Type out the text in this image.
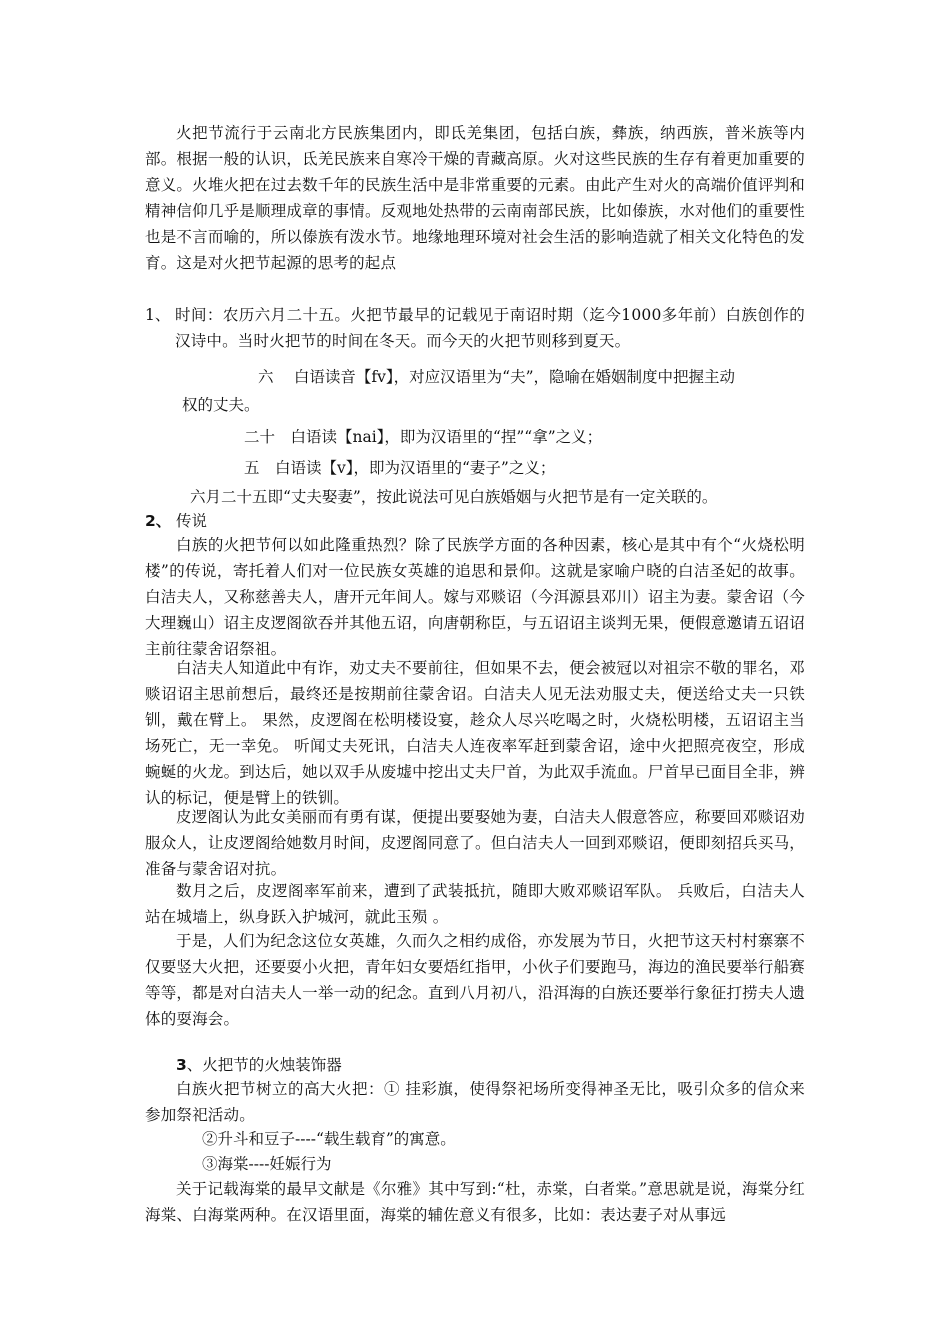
火把节流行于云南北方民族集团内，即氐羌集团，包括白族，彝族，纳西族，普米族等内部。根据一般的认识，氐羌民族来自寒冷干燥的青藏高原。火对这些民族的生存有着更加重要的意义。火堆火把在过去数千年的民族生活中是非常重要的元素。由此产生对火的高端价值评判和精神信仰几乎是顺理成章的事情。反观地处热带的云南南部民族，比如傣族，水对他们的重要性也是不言而喻的，所以傣族有泼水节。地缘地理环境对社会生活的影响造就了相关文化特色的发育。这是对火把节起源的思考的起点

1、 时间：农历六月二十五。火把节最早的记载见于南诏时期（迄今1000多年前）白族创作的汉诗中。当时火把节的时间在冬天。而今天的火把节则移到夏天。

六　 白语读音【fv】，对应汉语里为“夫”，隐喻在婚姻制度中把握主动

权的丈夫。

二十　白语读【nai】，即为汉语里的“捏”“拿”之义；

五　白语读【v】，即为汉语里的“妻子”之义；

六月二十五即“丈夫娶妻”，按此说法可见白族婚姻与火把节是有一定关联的。

2、 传说

白族的火把节何以如此隆重热烈？除了民族学方面的各种因素，核心是其中有个“火烧松明楼”的传说，寄托着人们对一位民族女英雄的追思和景仰。这就是家喻户晓的白洁圣妃的故事。白洁夫人，又称慈善夫人，唐开元年间人。嫁与邓赕诏（今洱源县邓川）诏主为妻。蒙舍诏（今大理巍山）诏主皮逻阁欲吞并其他五诏，向唐朝称臣，与五诏诏主谈判无果，便假意邀请五诏诏主前往蒙舍诏祭祖。

白洁夫人知道此中有诈，劝丈夫不要前往，但如果不去，便会被冠以对祖宗不敬的罪名，邓赕诏诏主思前想后，最终还是按期前往蒙舍诏。白洁夫人见无法劝服丈夫，便送给丈夫一只铁钏，戴在臂上。 果然，皮逻阁在松明楼设宴，趁众人尽兴吃喝之时，火烧松明楼，五诏诏主当场死亡，无一幸免。 听闻丈夫死讯，白洁夫人连夜率军赶到蒙舍诏，途中火把照亮夜空，形成蜿蜒的火龙。到达后，她以双手从废墟中挖出丈夫尸首，为此双手流血。尸首早已面目全非，辨认的标记，便是臂上的铁钏。

皮逻阁认为此女美丽而有勇有谋，便提出要娶她为妻，白洁夫人假意答应，称要回邓赕诏劝服众人，让皮逻阁给她数月时间，皮逻阁同意了。但白洁夫人一回到邓赕诏，便即刻招兵买马，准备与蒙舍诏对抗。

数月之后，皮逻阁率军前来，遭到了武装抵抗，随即大败邓赕诏军队。 兵败后，白洁夫人站在城墙上，纵身跃入护城河，就此玉殒 。

于是，人们为纪念这位女英雄，久而久之相约成俗，亦发展为节日，火把节这天村村寨寨不仅要竖大火把，还要耍小火把，青年妇女要焐红指甲，小伙子们要跑马，海边的渔民要举行船赛等等，都是对白洁夫人一举一动的纪念。直到八月初八，沿洱海的白族还要举行象征打捞夫人遗体的耍海会。

3、火把节的火烛装饰器

白族火把节树立的高大火把：① 挂彩旗，使得祭祀场所变得神圣无比，吸引众多的信众来参加祭祀活动。

②升斗和豆子----“载生载育”的寓意。

③海棠----妊娠行为

关于记载海棠的最早文献是《尔雅》其中写到:“杜，赤棠，白者棠。”意思就是说，海棠分红海棠、白海棠两种。在汉语里面，海棠的辅佐意义有很多，比如：表达妻子对从事远
